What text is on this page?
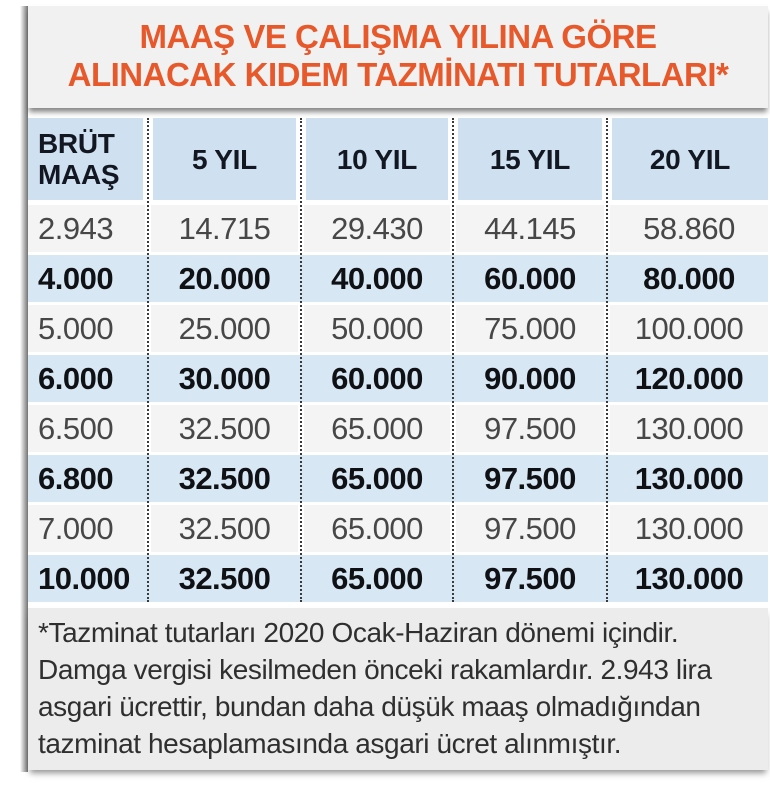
MAAŞ VE ÇALIŞMA YILINA GÖRE
ALINACAK KIDEM TAZMİNATI TUTARLARI*
BRÜT MAAŞ	5 YIL	10 YIL	15 YIL	20 YIL
2.943	14.715	29.430	44.145	58.860
4.000	20.000	40.000	60.000	80.000
5.000	25.000	50.000	75.000	100.000
6.000	30.000	60.000	90.000	120.000
6.500	32.500	65.000	97.500	130.000
6.800	32.500	65.000	97.500	130.000
7.000	32.500	65.000	97.500	130.000
10.000	32.500	65.000	97.500	130.000
*Tazminat tutarları 2020 Ocak-Haziran dönemi içindir. Damga vergisi kesilmeden önceki rakamlardır. 2.943 lira asgari ücrettir, bundan daha düşük maaş olmadığından tazminat hesaplamasında asgari ücret alınmıştır.
